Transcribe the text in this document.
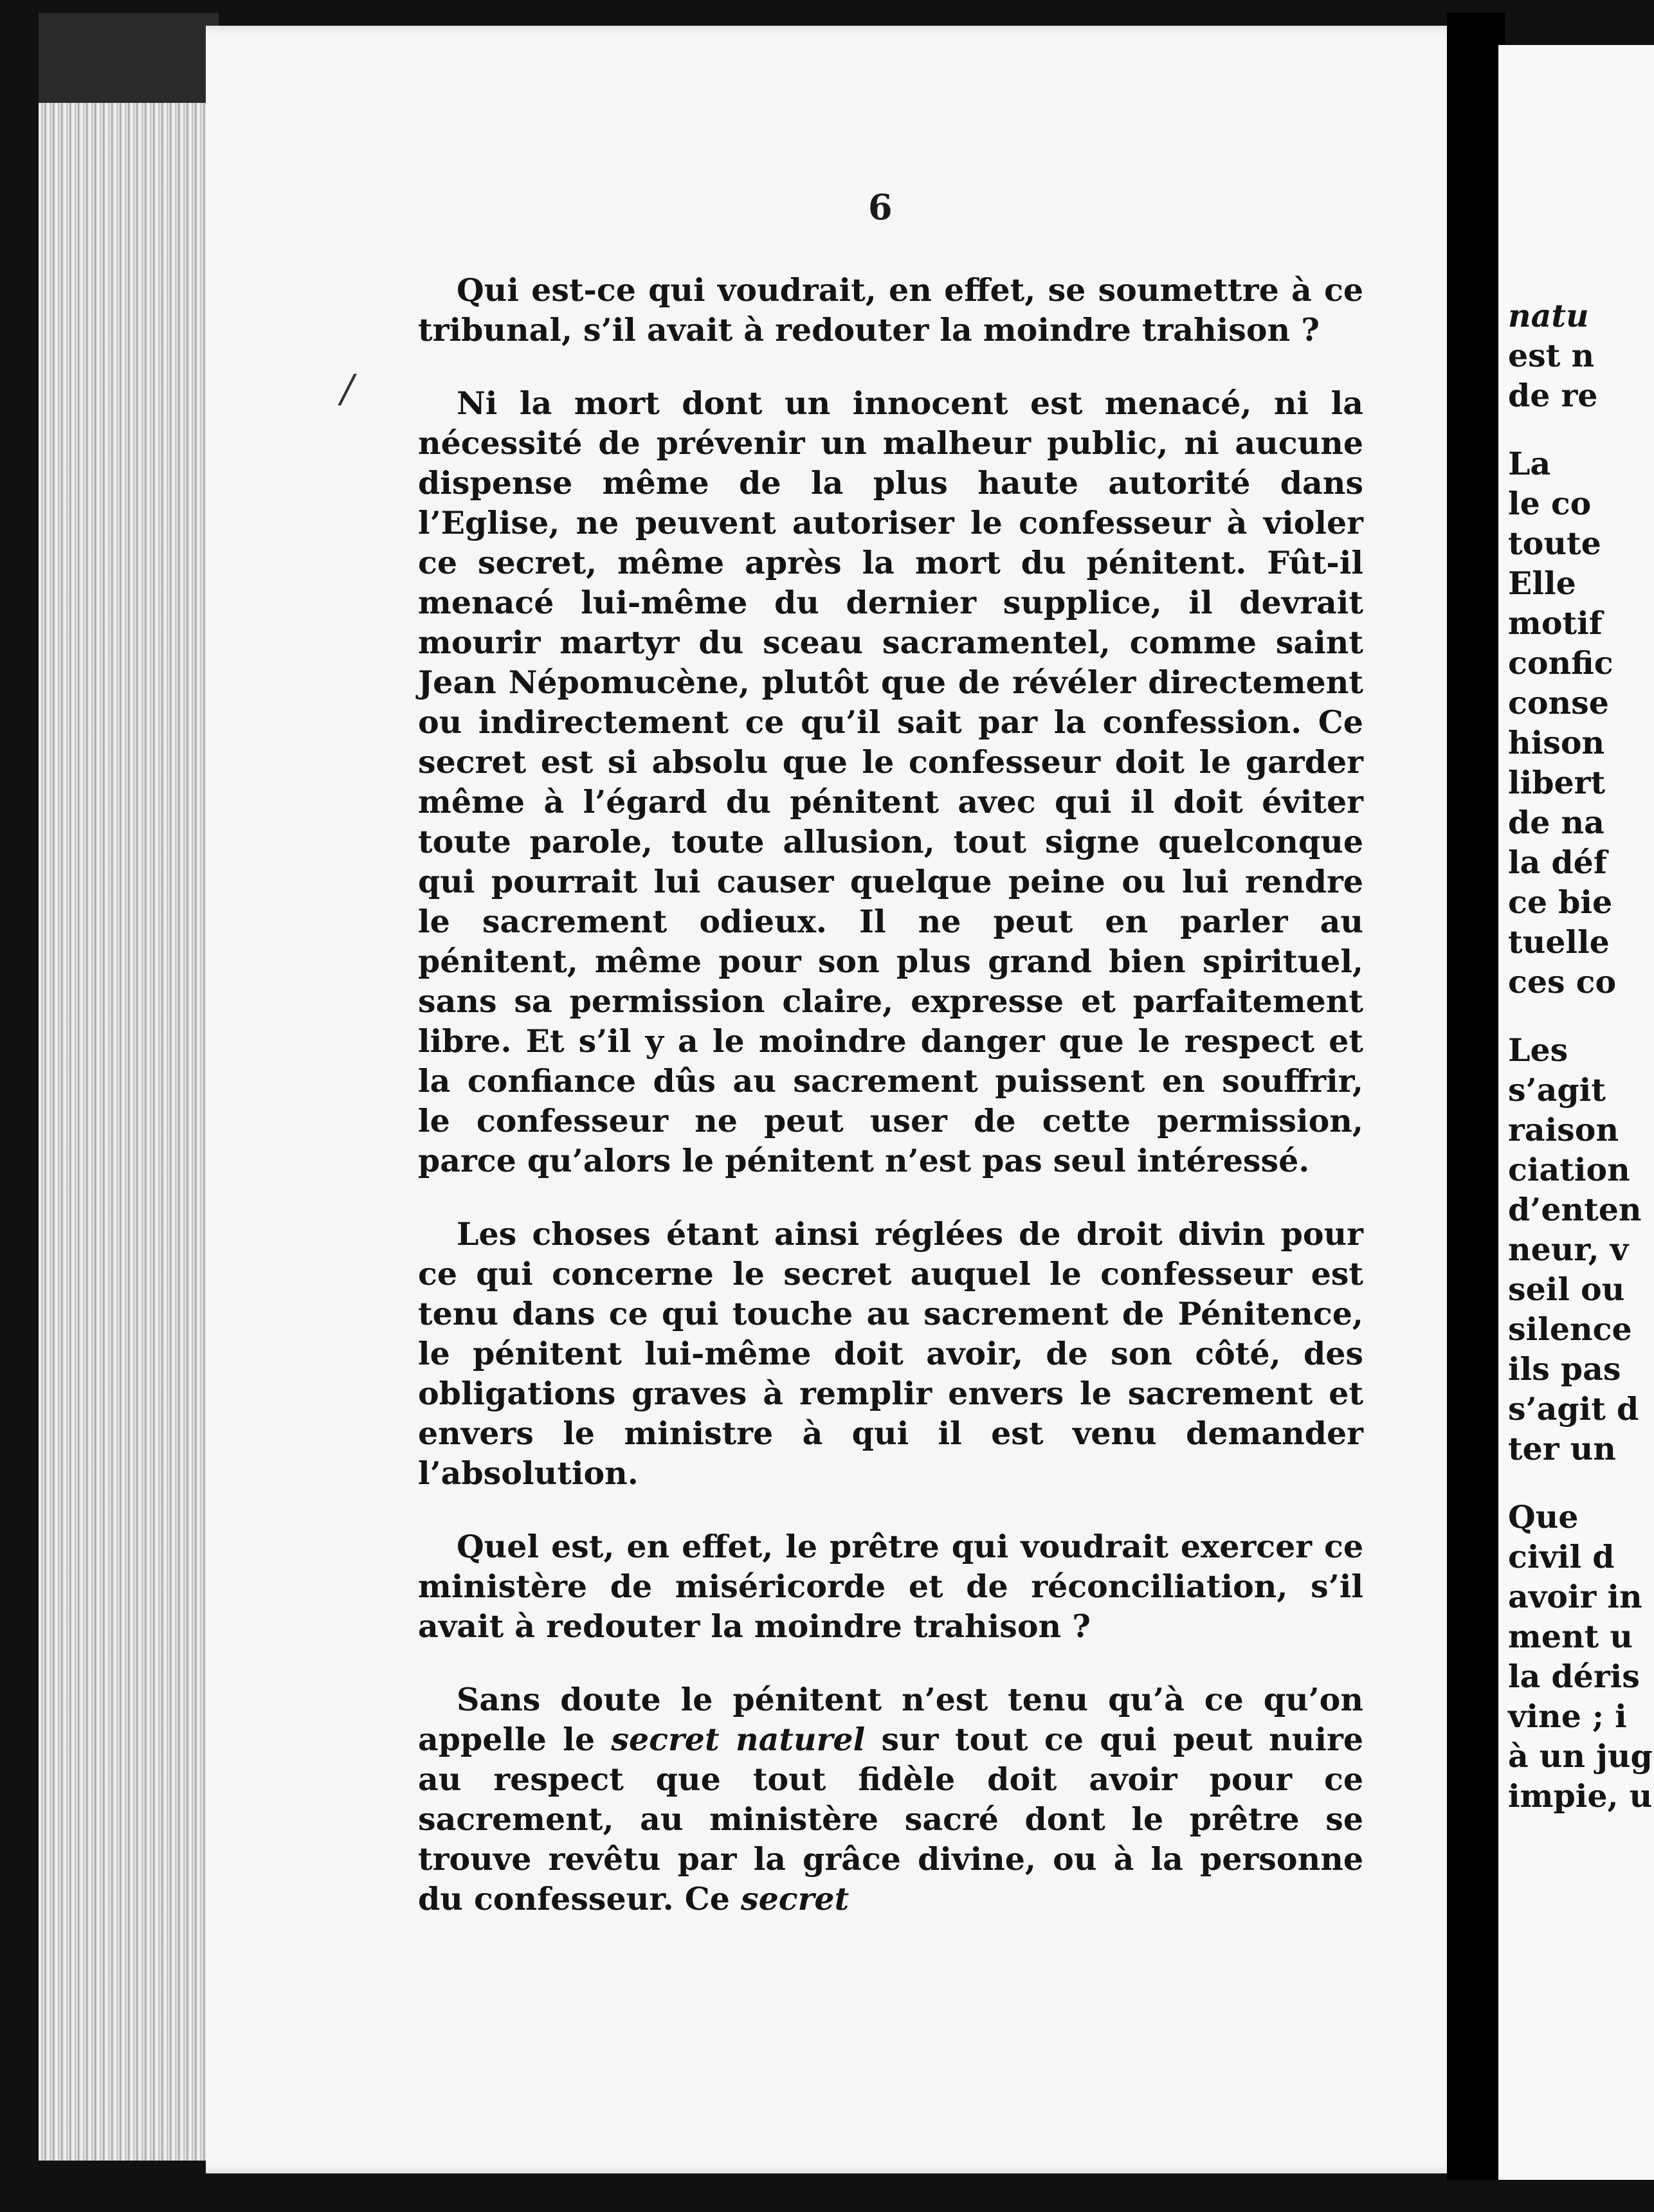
6
/

Qui est-ce qui voudrait, en effet, se soumettre à ce tribunal, s’il avait à redouter la moindre trahison ?

Ni la mort dont un innocent est menacé, ni la nécessité de prévenir un malheur public, ni aucune dispense même de la plus haute autorité dans l’Eglise, ne peuvent autoriser le confesseur à violer ce secret, même après la mort du pénitent. Fût-il menacé lui-même du dernier supplice, il devrait mourir martyr du sceau sacramentel, comme saint Jean Népomucène, plutôt que de révéler directement ou indirectement ce qu’il sait par la confession. Ce secret est si absolu que le confesseur doit le garder même à l’égard du pénitent avec qui il doit éviter toute parole, toute allusion, tout signe quelconque qui pourrait lui causer quelque peine ou lui rendre le sacrement odieux. Il ne peut en parler au pénitent, même pour son plus grand bien spirituel, sans sa permission claire, expresse et parfaitement libre. Et s’il y a le moindre danger que le respect et la confiance dûs au sacrement puissent en souffrir, le confesseur ne peut user de cette permission, parce qu’alors le pénitent n’est pas seul intéressé.

Les choses étant ainsi réglées de droit divin pour ce qui concerne le secret auquel le confesseur est tenu dans ce qui touche au sacrement de Pénitence, le pénitent lui-même doit avoir, de son côté, des obligations graves à remplir envers le sacrement et envers le ministre à qui il est venu demander l’absolution.

Quel est, en effet, le prêtre qui voudrait exercer ce ministère de miséricorde et de réconciliation, s’il avait à redouter la moindre trahison ?

Sans doute le pénitent n’est tenu qu’à ce qu’on appelle le secret naturel sur tout ce qui peut nuire au respect que tout fidèle doit avoir pour ce sacrement, au ministère sacré dont le prêtre se trouve revêtu par la grâce divine, ou à la personne du confesseur. Ce secret

natu
est n
de re
La
le co
toute
Elle
motif
confic
conse
hison
libert
de na
la déf
ce bie
tuelle
ces co
Les
s’agit
raison
ciation
d’enten
neur, v
seil ou
silence
ils pas
s’agit d
ter un
Que
civil d
avoir in
ment u
la déris
vine ; i
à un jug
impie, u
